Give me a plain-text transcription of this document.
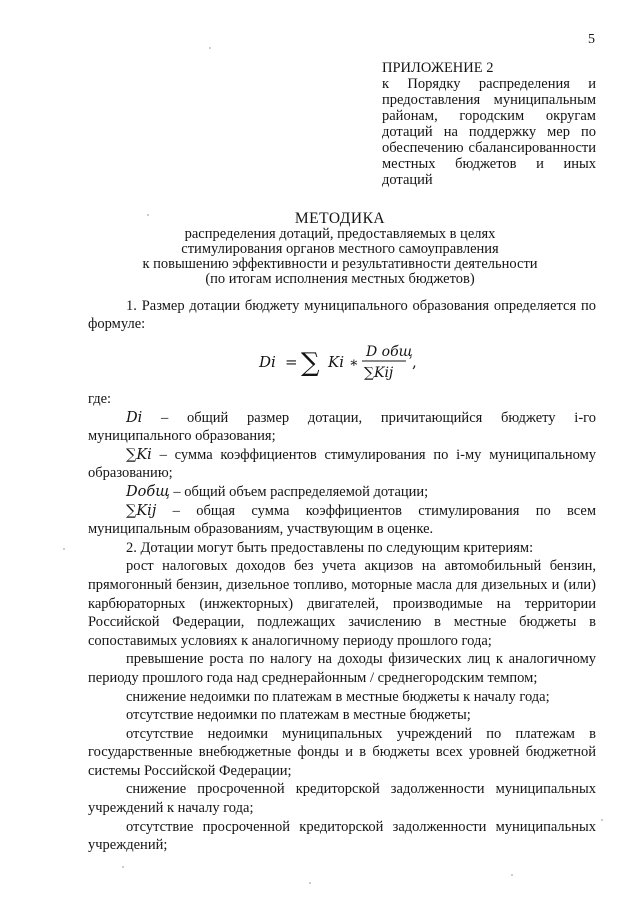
5

ПРИЛОЖЕНИЕ 2

к Порядку распределения и предоставления муниципальным районам, городским округам дотаций на поддержку мер по обеспечению сбалансированности местных бюджетов и иных дотаций

МЕТОДИКА

распределения дотаций, предоставляемых в целях

стимулирования органов местного самоуправления

к повышению эффективности и результативности деятельности

(по итогам исполнения местных бюджетов)

1. Размер дотации бюджету муниципального образования определяется по формуле:

Di = ∑ Ki ∗
D общ
∑Kij
,

где:

Di – общий размер дотации, причитающийся бюджету i-го муниципального образования;

∑Ki – сумма коэффициентов стимулирования по i-му муниципальному образованию;

Dобщ – общий объем распределяемой дотации;

∑Kij – общая сумма коэффициентов стимулирования по всем муниципальным образованиям, участвующим в оценке.

2. Дотации могут быть предоставлены по следующим критериям:

рост налоговых доходов без учета акцизов на автомобильный бензин, прямогонный бензин, дизельное топливо, моторные масла для дизельных и (или) карбюраторных (инжекторных) двигателей, производимые на территории Российской Федерации, подлежащих зачислению в местные бюджеты в сопоставимых условиях к аналогичному периоду прошлого года;

превышение роста по налогу на доходы физических лиц к аналогичному периоду прошлого года над среднерайонным / среднегородским темпом;

снижение недоимки по платежам в местные бюджеты к началу года;

отсутствие недоимки по платежам в местные бюджеты;

отсутствие недоимки муниципальных учреждений по платежам в государственные внебюджетные фонды и в бюджеты всех уровней бюджетной системы Российской Федерации;

снижение просроченной кредиторской задолженности муниципальных учреждений к началу года;

отсутствие просроченной кредиторской задолженности муниципальных учреждений;
